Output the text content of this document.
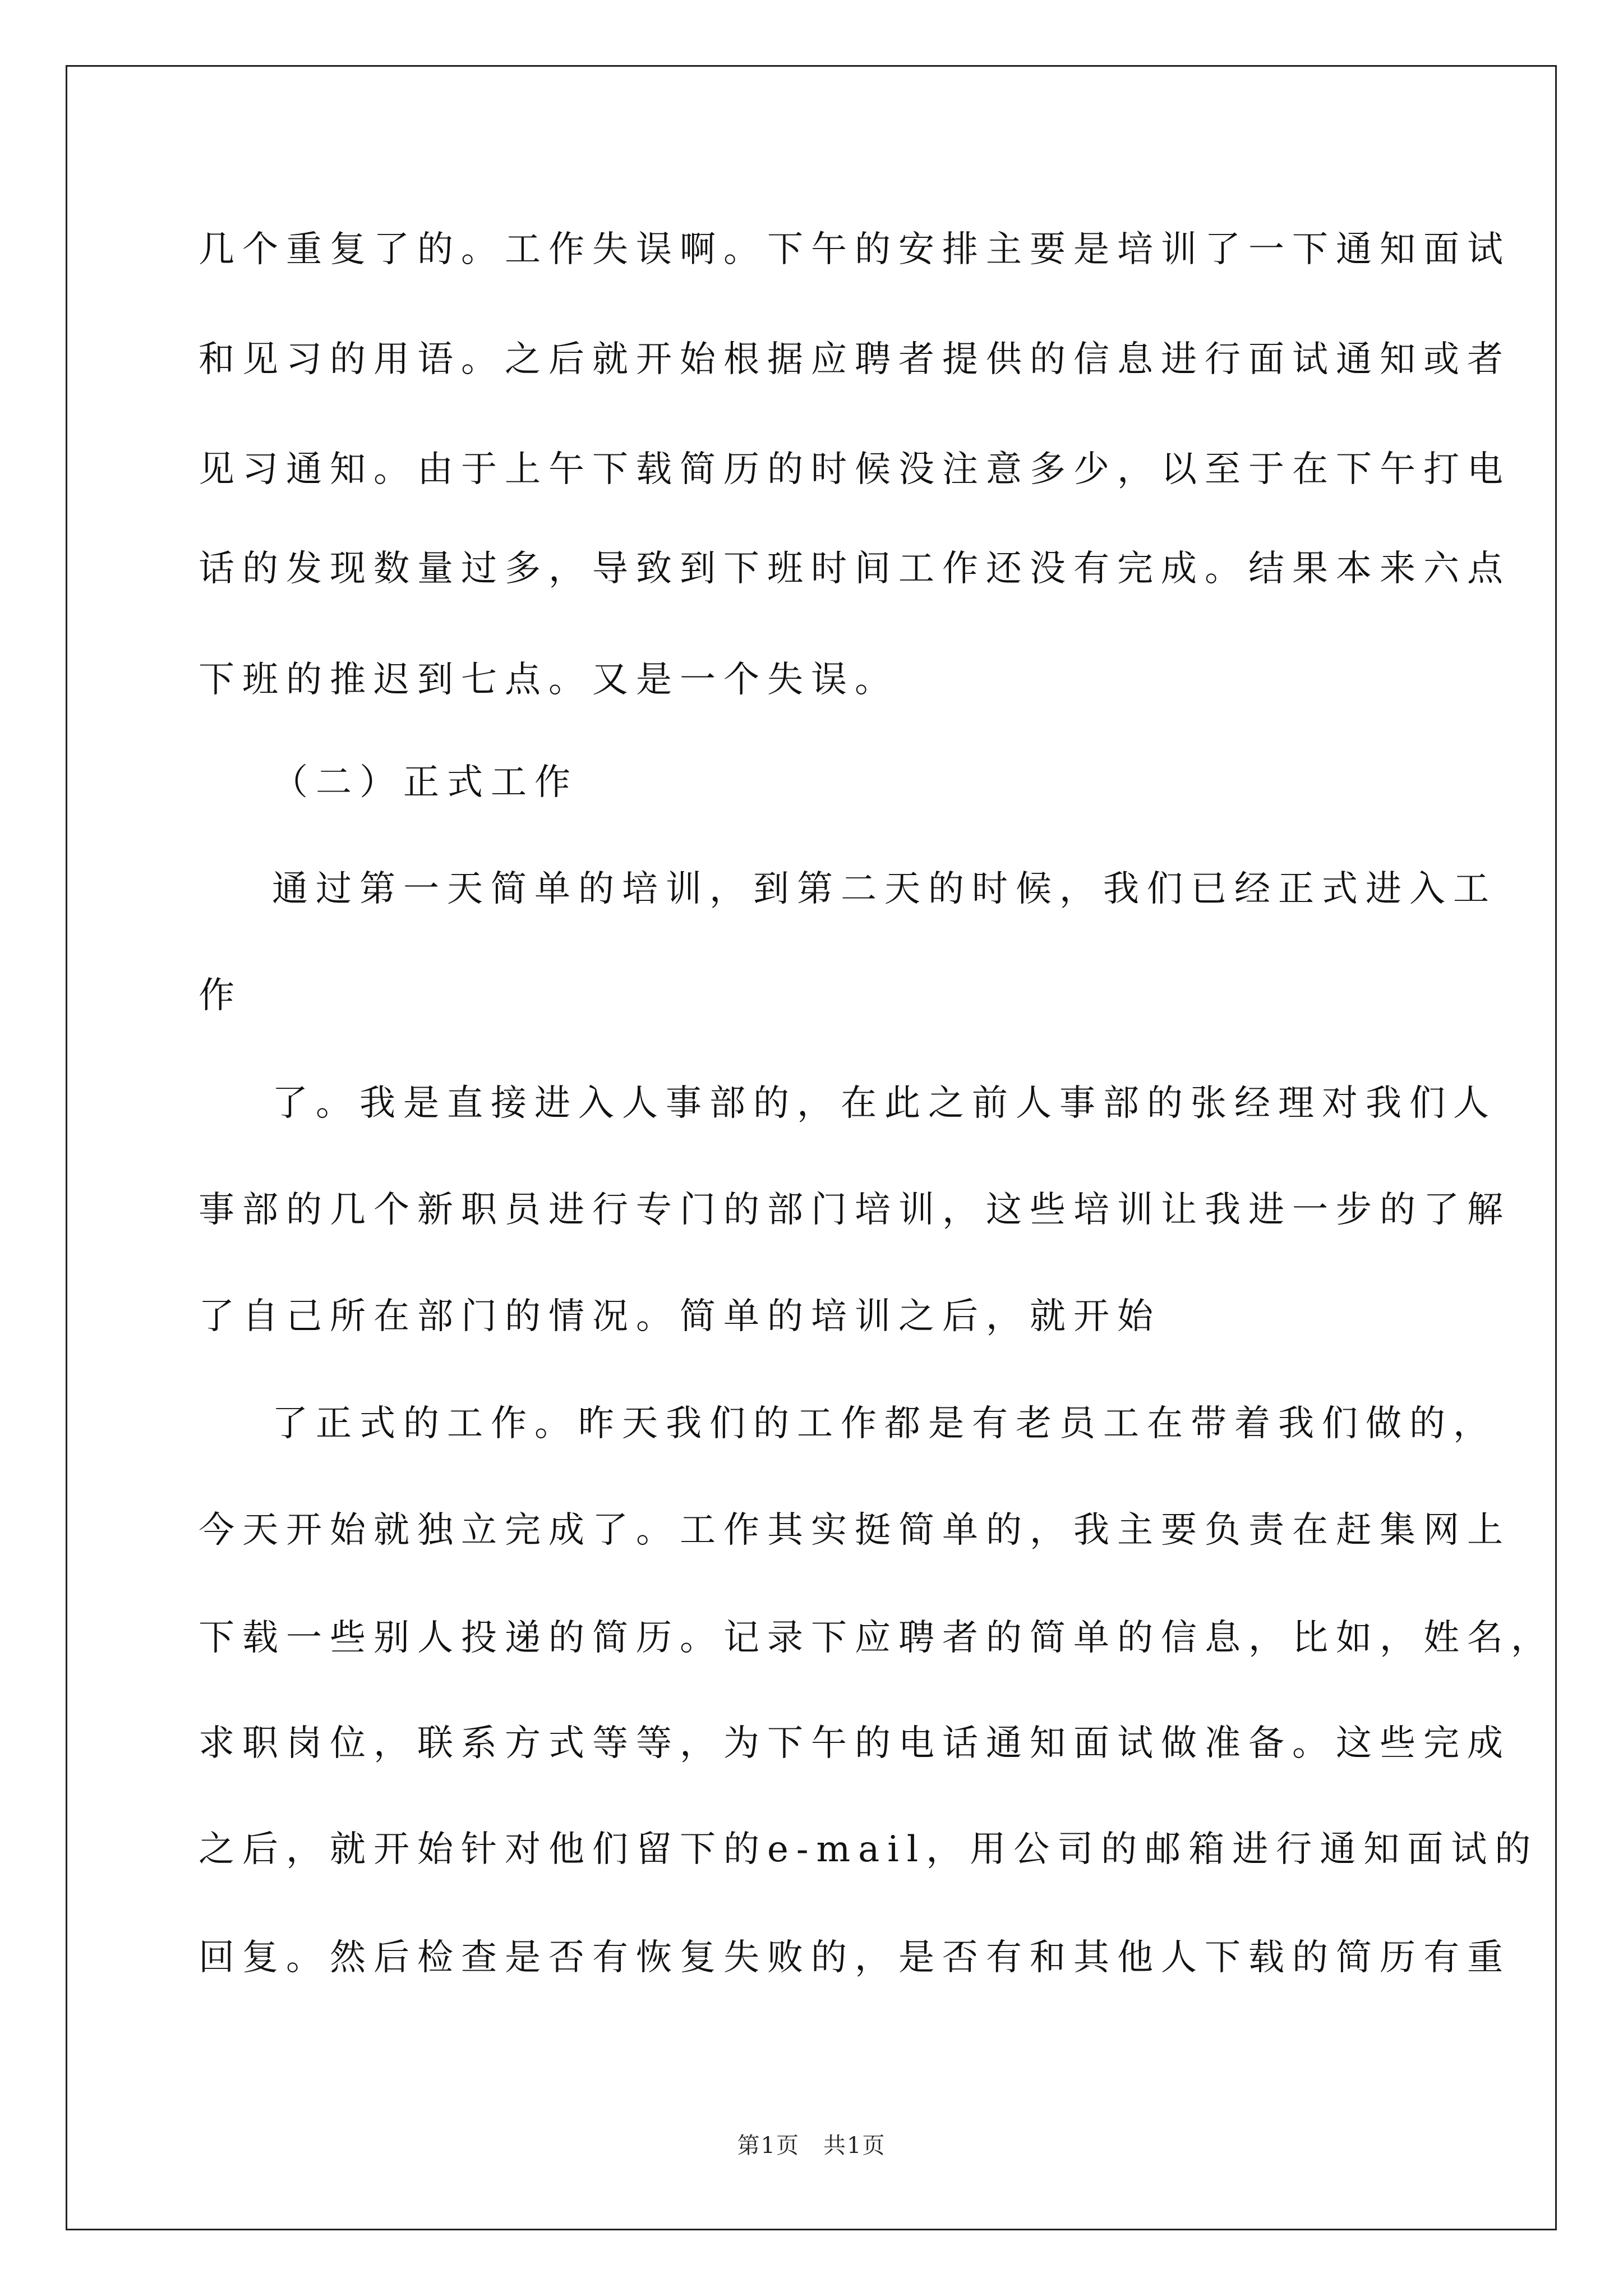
几个重复了的。工作失误啊。下午的安排主要是培训了一下通知面试
和见习的用语。之后就开始根据应聘者提供的信息进行面试通知或者
见习通知。由于上午下载简历的时候没注意多少，以至于在下午打电
话的发现数量过多，导致到下班时间工作还没有完成。结果本来六点
下班的推迟到七点。又是一个失误。
（二）正式工作
通过第一天简单的培训，到第二天的时候，我们已经正式进入工
作
了。我是直接进入人事部的，在此之前人事部的张经理对我们人
事部的几个新职员进行专门的部门培训，这些培训让我进一步的了解
了自己所在部门的情况。简单的培训之后，就开始
了正式的工作。昨天我们的工作都是有老员工在带着我们做的，
今天开始就独立完成了。工作其实挺简单的，我主要负责在赶集网上
下载一些别人投递的简历。记录下应聘者的简单的信息，比如，姓名，
求职岗位，联系方式等等，为下午的电话通知面试做准备。这些完成
之后，就开始针对他们留下的e-mail，用公司的邮箱进行通知面试的
回复。然后检查是否有恢复失败的，是否有和其他人下载的简历有重
第1页　共1页
